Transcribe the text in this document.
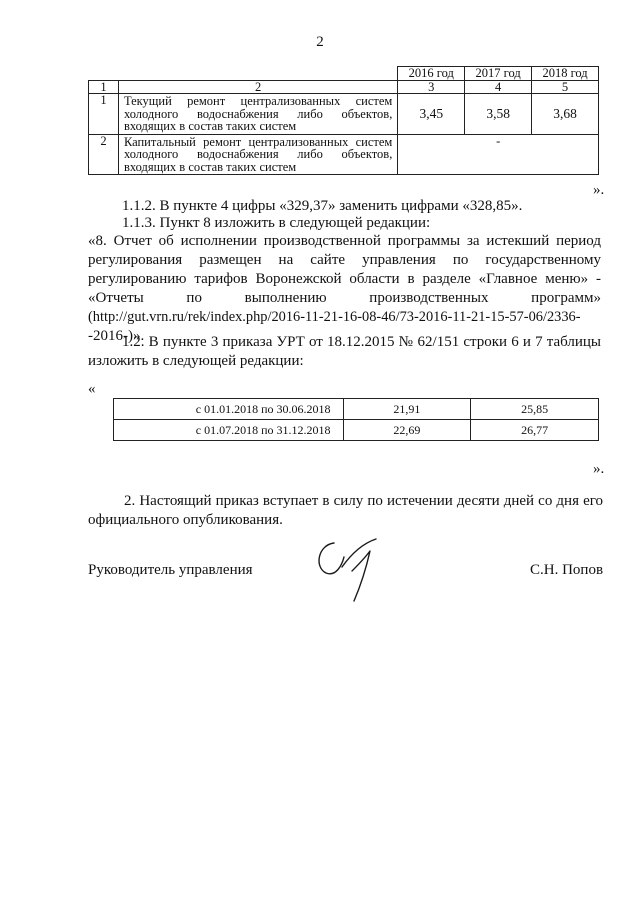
2
		2016 год	2017 год	2018 год
1	2	3	4	5
1	Текущий ремонт централизованных систем холодного водоснабжения либо объектов, входящих в состав таких систем	3,45	3,58	3,68
2	Капитальный ремонт централизованных систем холодного водоснабжения либо объектов, входящих в состав таких систем	-		
».
1.1.2. В пункте 4 цифры «329,37» заменить цифрами «328,85».
1.1.3. Пункт 8 изложить в следующей редакции:
«8. Отчет об исполнении производственной программы за истекший период
регулирования размещен на сайте управления по государственному
регулированию тарифов Воронежской области в разделе «Главное меню» -
«Отчеты по выполнению производственных программ»
(http://gut.vrn.ru/rek/index.php/2016-11-21-16-08-46/73-2016-11-21-15-57-06/2336-
-2016-)».
1.2. В пункте 3 приказа УРТ от 18.12.2015 № 62/151 строки 6 и 7 таблицы
изложить в следующей редакции:
«
с 01.01.2018 по 30.06.2018	21,91	25,85
с 01.07.2018 по 31.12.2018	22,69	26,77
».
2. Настоящий приказ вступает в силу по истечении десяти дней со дня его
официального опубликования.
Руководитель управления	С.Н. Попов
